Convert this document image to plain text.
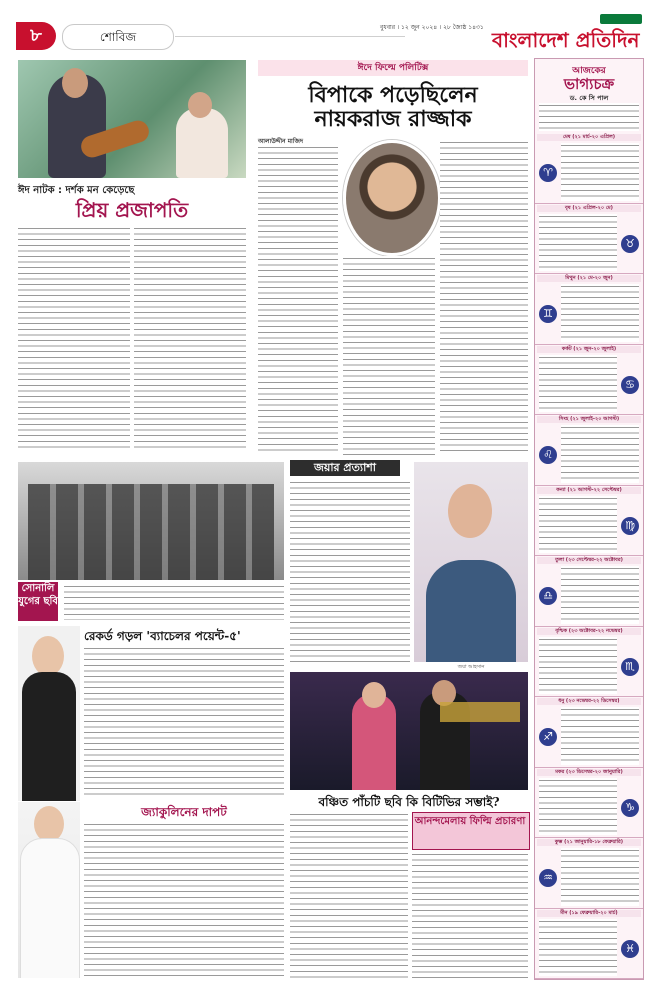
৮	শোবিজ
বুধবার । ১২ জুন ২০২৪ । ২৮ জ্যৈষ্ঠ ১৪৩১
বাংলাদেশ প্রতিদিন
ঈদ নাটক : দর্শক মন কেড়েছে
প্রিয় প্রজাপতি
ঈদে ফিল্মে পলিটিক্স
বিপাকে পড়েছিলেন
নায়করাজ রাজ্জাক
আলাউদ্দীন মাজিদ
জয়ার প্রত্যাশা
জয়া আহসান
সোনালি যুগের ছবি
রেকর্ড গড়ল 'ব্যাচেলর পয়েন্ট-৫'
জ্যাকুলিনের দাপট
বঞ্চিত পাঁচটি ছবি কি বিটিভির সম্ভাই?
আনন্দমেলায় ফিল্মি প্রচারণা
আজকের
ভাগ্যচক্র
ড. কে সি পাল
মেষ (২১ মার্চ-২০ এপ্রিল)
♈
বৃষ (২১ এপ্রিল-২০ মে)
♉
মিথুন (২১ মে-২০ জুন)
♊
কর্কট (২১ জুন-২০ জুলাই)
♋
সিংহ (২১ জুলাই-২০ আগস্ট)
♌
কন্যা (২১ আগস্ট-২২ সেপ্টেম্বর)
♍
তুলা (২৩ সেপ্টেম্বর-২২ অক্টোবর)
♎
বৃশ্চিক (২৩ অক্টোবর-২২ নভেম্বর)
♏
ধনু (২৩ নভেম্বর-২২ ডিসেম্বর)
♐
মকর (২৩ ডিসেম্বর-২০ জানুয়ারি)
♑
কুম্ভ (২১ জানুয়ারি-১৮ ফেব্রুয়ারি)
♒
মীন (১৯ ফেব্রুয়ারি-২০ মার্চ)
♓
